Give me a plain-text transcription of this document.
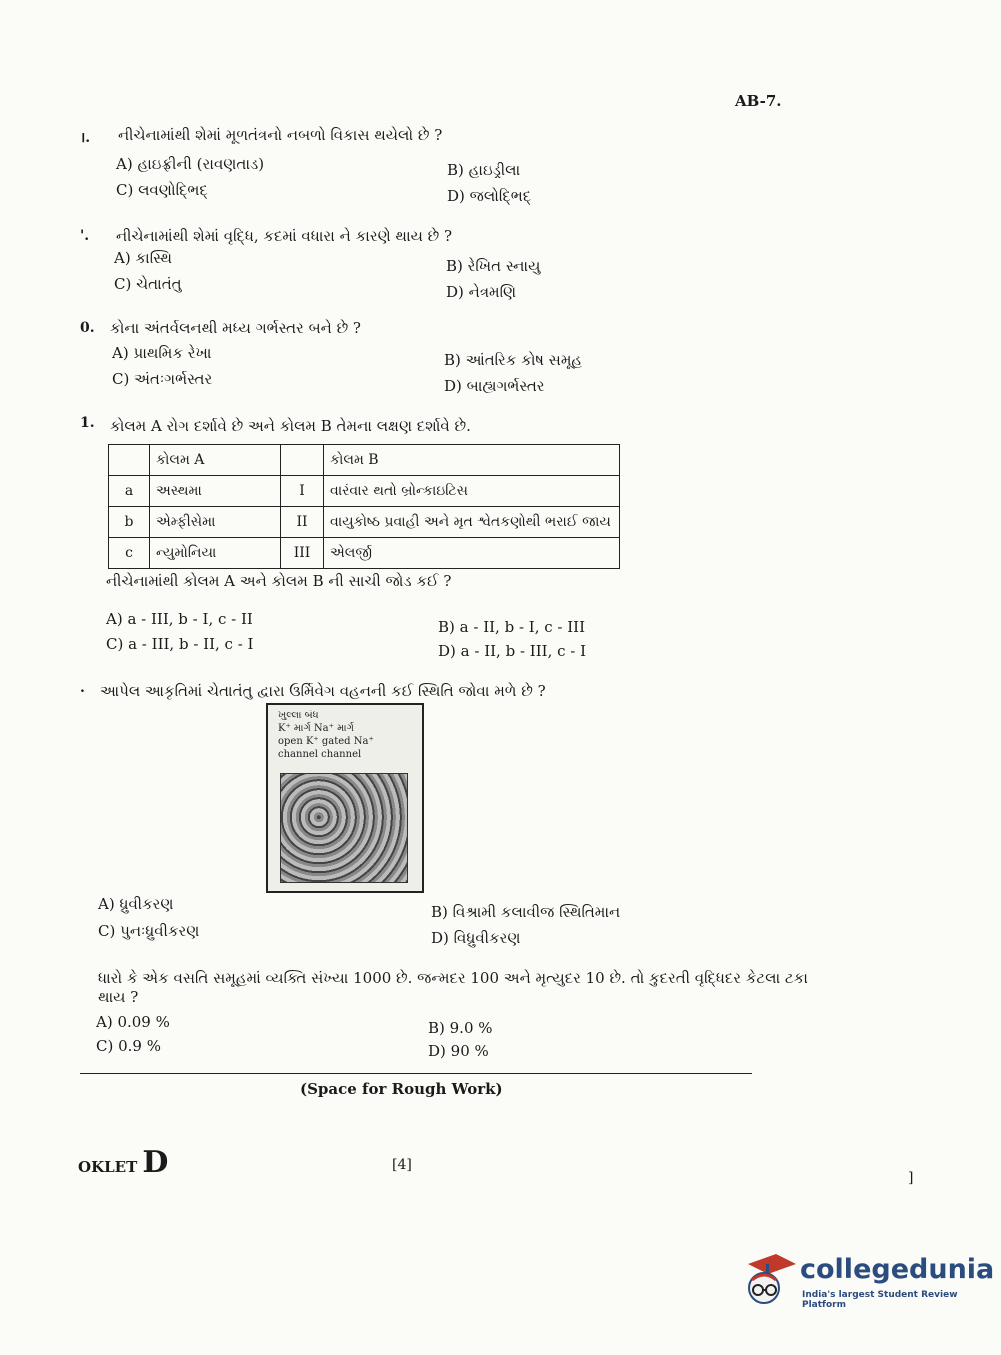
AB-7.
।. નીચેનામાંથી શેમાં મૂળતંત્રનો નબળો વિકાસ થયેલો છે ?
A) હાઇફ્રીની (રાવણતાડ)	B) હાઇડ્રીલા
C) લવણોદ્ભિદ્	D) જલોદ્ભિદ્
'. નીચેનામાંથી શેમાં વૃદ્ધિ, કદમાં વધારા ને કારણે થાય છે ?
A) કાસ્થિ	B) રેખિત સ્નાયુ
C) ચેતાતંતુ	D) નેત્રમણિ
0. કોના અંતર્વલનથી મધ્ય ગર્ભસ્તર બને છે ?
A) પ્રાથમિક રેખા	B) આંતરિક કોષ સમૂહ
C) અંતઃગર્ભસ્તર	D) બાહ્યગર્ભસ્તર
1. કોલમ A રોગ દર્શાવે છે અને કોલમ B તેમના લક્ષણ દર્શાવે છે.
	કોલમ A		કોલમ B
a	અસ્થમા	I	વારંવાર થતો બ્રોન્કાઇટિસ
b	એમ્ફીસેમા	II	વાયુકોષ્ઠ પ્રવાહી અને મૃત શ્વેતકણોથી ભરાઈ જાય
c	ન્યુમોનિયા	III	એલર્જી
નીચેનામાંથી કોલમ A અને કોલમ B ની સાચી જોડ કઈ ?
A) a - III, b - I, c - II	B) a - II, b - I, c - III
C) a - III, b - II, c - I	D) a - II, b - III, c - I
. આપેલ આકૃતિમાં ચેતાતંતુ દ્વારા ઉર્મિવેગ વહનની કઈ સ્થિતિ જોવા મળે છે ?
ખુલ્લા બંધ
K⁺ માર્ગ Na⁺ માર્ગ
open K⁺ gated Na⁺
channel channel
A) ધ્રુવીકરણ	B) વિશ્રામી કલાવીજ સ્થિતિમાન
C) પુનઃધ્રુવીકરણ	D) વિધ્રુવીકરણ
ધારો કે એક વસતિ સમૂહમાં વ્યક્તિ સંખ્યા 1000 છે. જન્મદર 100 અને મૃત્યુદર 10 છે. તો કુદરતી વૃદ્ધિદર કેટલા ટકા
થાય ?
A) 0.09 %	B) 9.0 %
C) 0.9 %	D) 90 %
(Space for Rough Work)
OKLET D	[4]
]
collegedunia
India's largest Student Review Platform
